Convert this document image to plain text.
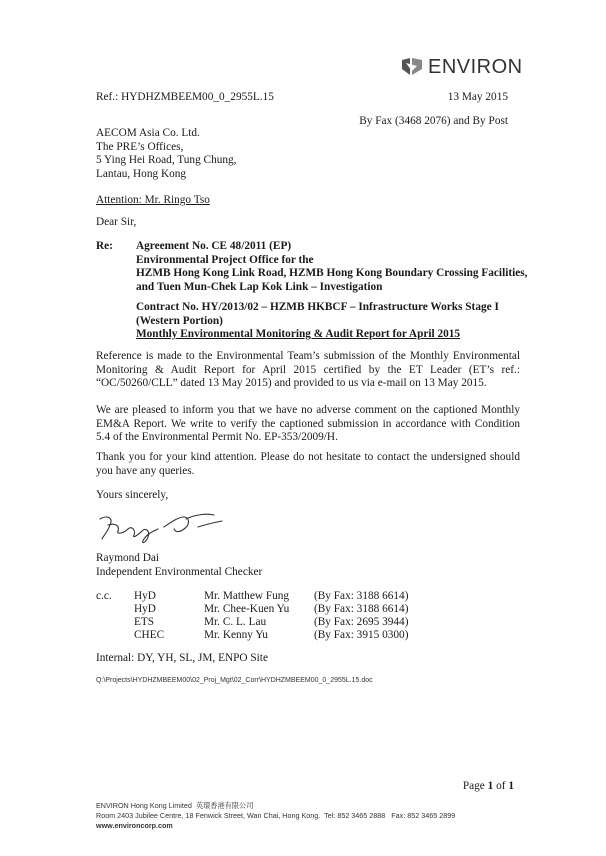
ENVIRON
Ref.: HYDHZMBEEM00_0_2955L.15	13 May 2015
By Fax (3468 2076) and By Post
AECOM Asia Co. Ltd.
The PRE’s Offices,
5 Ying Hei Road, Tung Chung,
Lantau, Hong Kong
Attention: Mr. Ringo Tso
Dear Sir,
Re: Agreement No. CE 48/2011 (EP)
Environmental Project Office for the
HZMB Hong Kong Link Road, HZMB Hong Kong Boundary Crossing Facilities,
and Tuen Mun-Chek Lap Kok Link – Investigation
Contract No. HY/2013/02 – HZMB HKBCF – Infrastructure Works Stage I
(Western Portion)
Monthly Environmental Monitoring & Audit Report for April 2015
Reference is made to the Environmental Team’s submission of the Monthly Environmental Monitoring & Audit Report for April 2015 certified by the ET Leader (ET’s ref.: “OC/50260/CLL” dated 13 May 2015) and provided to us via e-mail on 13 May 2015.
We are pleased to inform you that we have no adverse comment on the captioned Monthly EM&A Report. We write to verify the captioned submission in accordance with Condition 5.4 of the Environmental Permit No. EP-353/2009/H.
Thank you for your kind attention. Please do not hesitate to contact the undersigned should you have any queries.
Yours sincerely,
Raymond Dai
Independent Environmental Checker
c.c. HyD	Mr. Matthew Fung (By Fax: 3188 6614)
HyD	Mr. Chee-Kuen Yu (By Fax: 3188 6614)
ETS	Mr. C. L. Lau	(By Fax: 2695 3944)
CHEC	Mr. Kenny Yu	(By Fax: 3915 0300)
Internal: DY, YH, SL, JM, ENPO Site
Q:\Projects\HYDHZMBEEM00\02_Proj_Mgt\02_Corr\HYDHZMBEEM00_0_2955L.15.doc
Page 1 of 1
ENVIRON Hong Kong Limited 英環香港有限公司
Room 2403 Jubilee Centre, 18 Fenwick Street, Wan Chai, Hong Kong. Tel: 852 3465 2888 Fax: 852 3465 2899
www.environcorp.com
